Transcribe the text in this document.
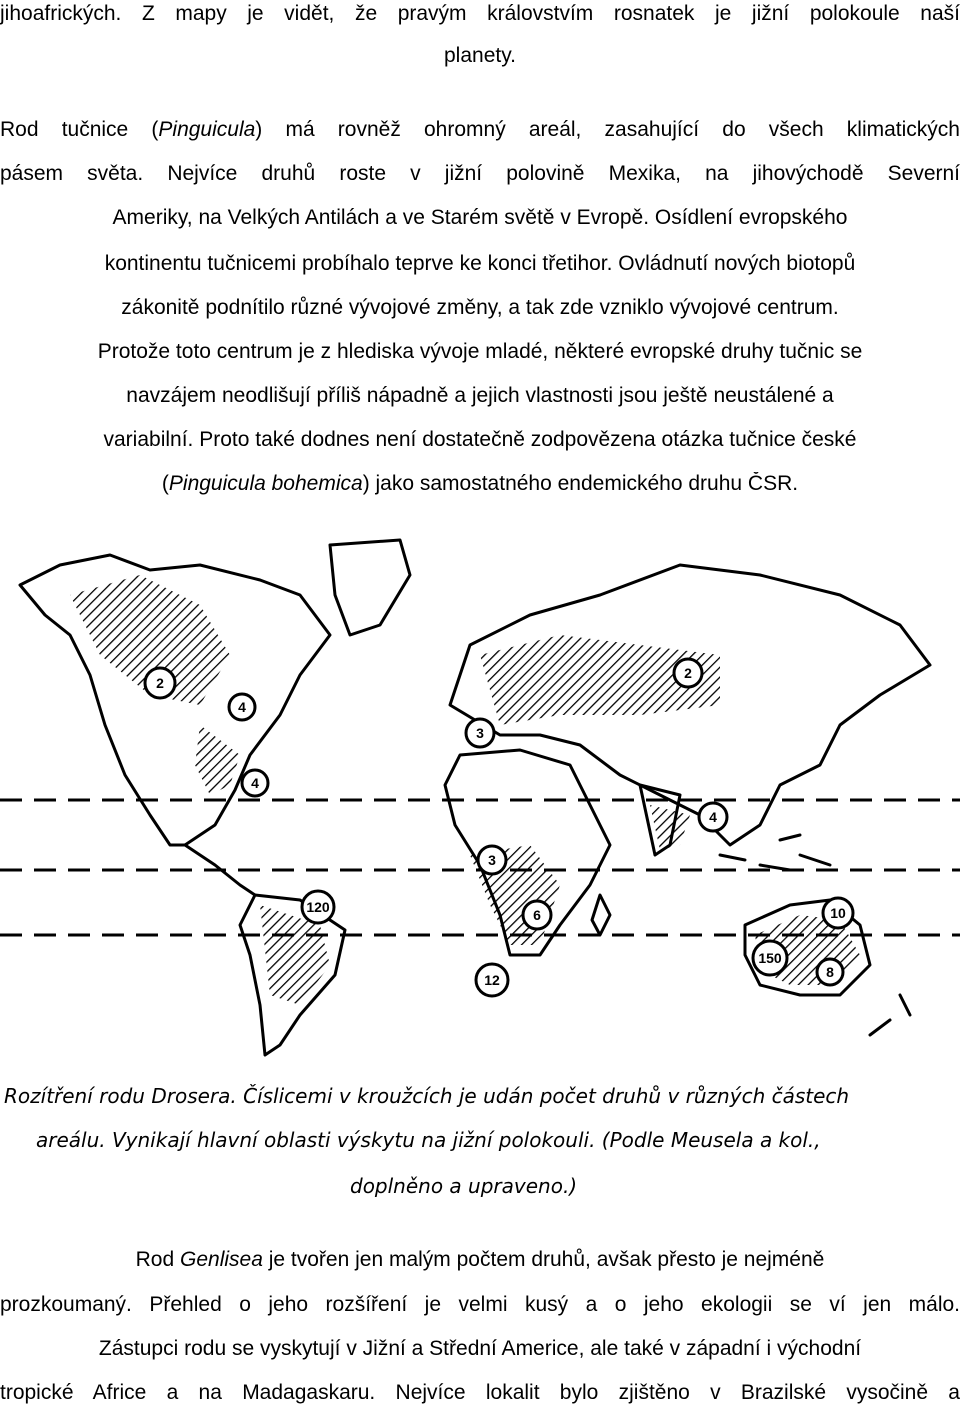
jihoafrických. Z mapy je vidět, že pravým královstvím rosnatek je jižní polokoule naší
planety.
Rod tučnice (Pinguicula) má rovněž ohromný areál, zasahující do všech klimatických
pásem světa. Nejvíce druhů roste v jižní polovině Mexika, na jihovýchodě Severní
Ameriky, na Velkých Antilách a ve Starém světě v Evropě. Osídlení evropského
kontinentu tučnicemi probíhalo teprve ke konci třetihor. Ovládnutí nových biotopů
zákonitě podnítilo různé vývojové změny, a tak zde vzniklo vývojové centrum.
Protože toto centrum je z hlediska vývoje mladé, některé evropské druhy tučnic se
navzájem neodlišují příliš nápadně a jejich vlastnosti jsou ještě neustálené a
variabilní. Proto také dodnes není dostatečně zodpovězena otázka tučnice české
(Pinguicula bohemica) jako samostatného endemického druhu ČSR.
2
4
4
120
2
3
3
6
12
4
10
150
8
Rozítření rodu Drosera. Číslicemi v kroužcích je udán počet druhů v různých částech
areálu. Vynikají hlavní oblasti výskytu na jižní polokouli. (Podle Meusela a kol.,
doplněno a upraveno.)
Rod Genlisea je tvořen jen malým počtem druhů, avšak přesto je nejméně
prozkoumaný. Přehled o jeho rozšíření je velmi kusý a o jeho ekologii se ví jen málo.
Zástupci rodu se vyskytují v Jižní a Střední Americe, ale také v západní i východní
tropické Africe a na Madagaskaru. Nejvíce lokalit bylo zjištěno v Brazilské vysočině a
